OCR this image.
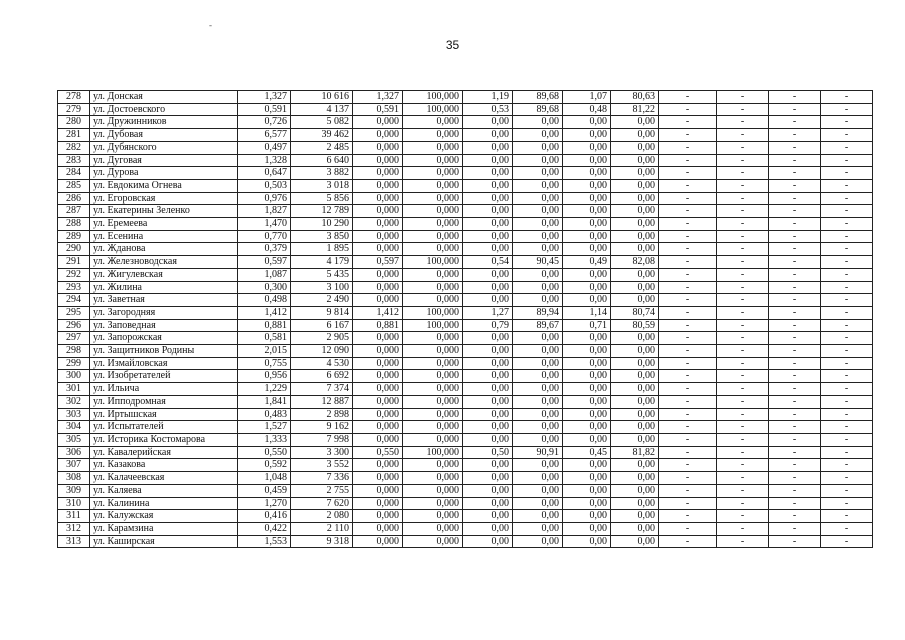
-
35
278	ул. Донская	1,327	10 616	1,327	100,000	1,19	89,68	1,07	80,63	-	-	-	-
279	ул. Достоевского	0,591	4 137	0,591	100,000	0,53	89,68	0,48	81,22	-	-	-	-
280	ул. Дружинников	0,726	5 082	0,000	0,000	0,00	0,00	0,00	0,00	-	-	-	-
281	ул. Дубовая	6,577	39 462	0,000	0,000	0,00	0,00	0,00	0,00	-	-	-	-
282	ул. Дубянского	0,497	2 485	0,000	0,000	0,00	0,00	0,00	0,00	-	-	-	-
283	ул. Дуговая	1,328	6 640	0,000	0,000	0,00	0,00	0,00	0,00	-	-	-	-
284	ул. Дурова	0,647	3 882	0,000	0,000	0,00	0,00	0,00	0,00	-	-	-	-
285	ул. Евдокима Огнева	0,503	3 018	0,000	0,000	0,00	0,00	0,00	0,00	-	-	-	-
286	ул. Егоровская	0,976	5 856	0,000	0,000	0,00	0,00	0,00	0,00	-	-	-	-
287	ул. Екатерины Зеленко	1,827	12 789	0,000	0,000	0,00	0,00	0,00	0,00	-	-	-	-
288	ул. Еремеева	1,470	10 290	0,000	0,000	0,00	0,00	0,00	0,00	-	-	-	-
289	ул. Есенина	0,770	3 850	0,000	0,000	0,00	0,00	0,00	0,00	-	-	-	-
290	ул. Жданова	0,379	1 895	0,000	0,000	0,00	0,00	0,00	0,00	-	-	-	-
291	ул. Железноводская	0,597	4 179	0,597	100,000	0,54	90,45	0,49	82,08	-	-	-	-
292	ул. Жигулевская	1,087	5 435	0,000	0,000	0,00	0,00	0,00	0,00	-	-	-	-
293	ул. Жилина	0,300	3 100	0,000	0,000	0,00	0,00	0,00	0,00	-	-	-	-
294	ул. Заветная	0,498	2 490	0,000	0,000	0,00	0,00	0,00	0,00	-	-	-	-
295	ул. Загородняя	1,412	9 814	1,412	100,000	1,27	89,94	1,14	80,74	-	-	-	-
296	ул. Заповедная	0,881	6 167	0,881	100,000	0,79	89,67	0,71	80,59	-	-	-	-
297	ул. Запорожская	0,581	2 905	0,000	0,000	0,00	0,00	0,00	0,00	-	-	-	-
298	ул. Защитников Родины	2,015	12 090	0,000	0,000	0,00	0,00	0,00	0,00	-	-	-	-
299	ул. Измайловская	0,755	4 530	0,000	0,000	0,00	0,00	0,00	0,00	-	-	-	-
300	ул. Изобретателей	0,956	6 692	0,000	0,000	0,00	0,00	0,00	0,00	-	-	-	-
301	ул. Ильича	1,229	7 374	0,000	0,000	0,00	0,00	0,00	0,00	-	-	-	-
302	ул. Ипподромная	1,841	12 887	0,000	0,000	0,00	0,00	0,00	0,00	-	-	-	-
303	ул. Иртышская	0,483	2 898	0,000	0,000	0,00	0,00	0,00	0,00	-	-	-	-
304	ул. Испытателей	1,527	9 162	0,000	0,000	0,00	0,00	0,00	0,00	-	-	-	-
305	ул. Историка Костомарова	1,333	7 998	0,000	0,000	0,00	0,00	0,00	0,00	-	-	-	-
306	ул. Кавалерийская	0,550	3 300	0,550	100,000	0,50	90,91	0,45	81,82	-	-	-	-
307	ул. Казакова	0,592	3 552	0,000	0,000	0,00	0,00	0,00	0,00	-	-	-	-
308	ул. Калачеевская	1,048	7 336	0,000	0,000	0,00	0,00	0,00	0,00	-	-	-	-
309	ул. Каляева	0,459	2 755	0,000	0,000	0,00	0,00	0,00	0,00	-	-	-	-
310	ул. Калинина	1,270	7 620	0,000	0,000	0,00	0,00	0,00	0,00	-	-	-	-
311	ул. Калужская	0,416	2 080	0,000	0,000	0,00	0,00	0,00	0,00	-	-	-	-
312	ул. Карамзина	0,422	2 110	0,000	0,000	0,00	0,00	0,00	0,00	-	-	-	-
313	ул. Каширская	1,553	9 318	0,000	0,000	0,00	0,00	0,00	0,00	-	-	-	-
